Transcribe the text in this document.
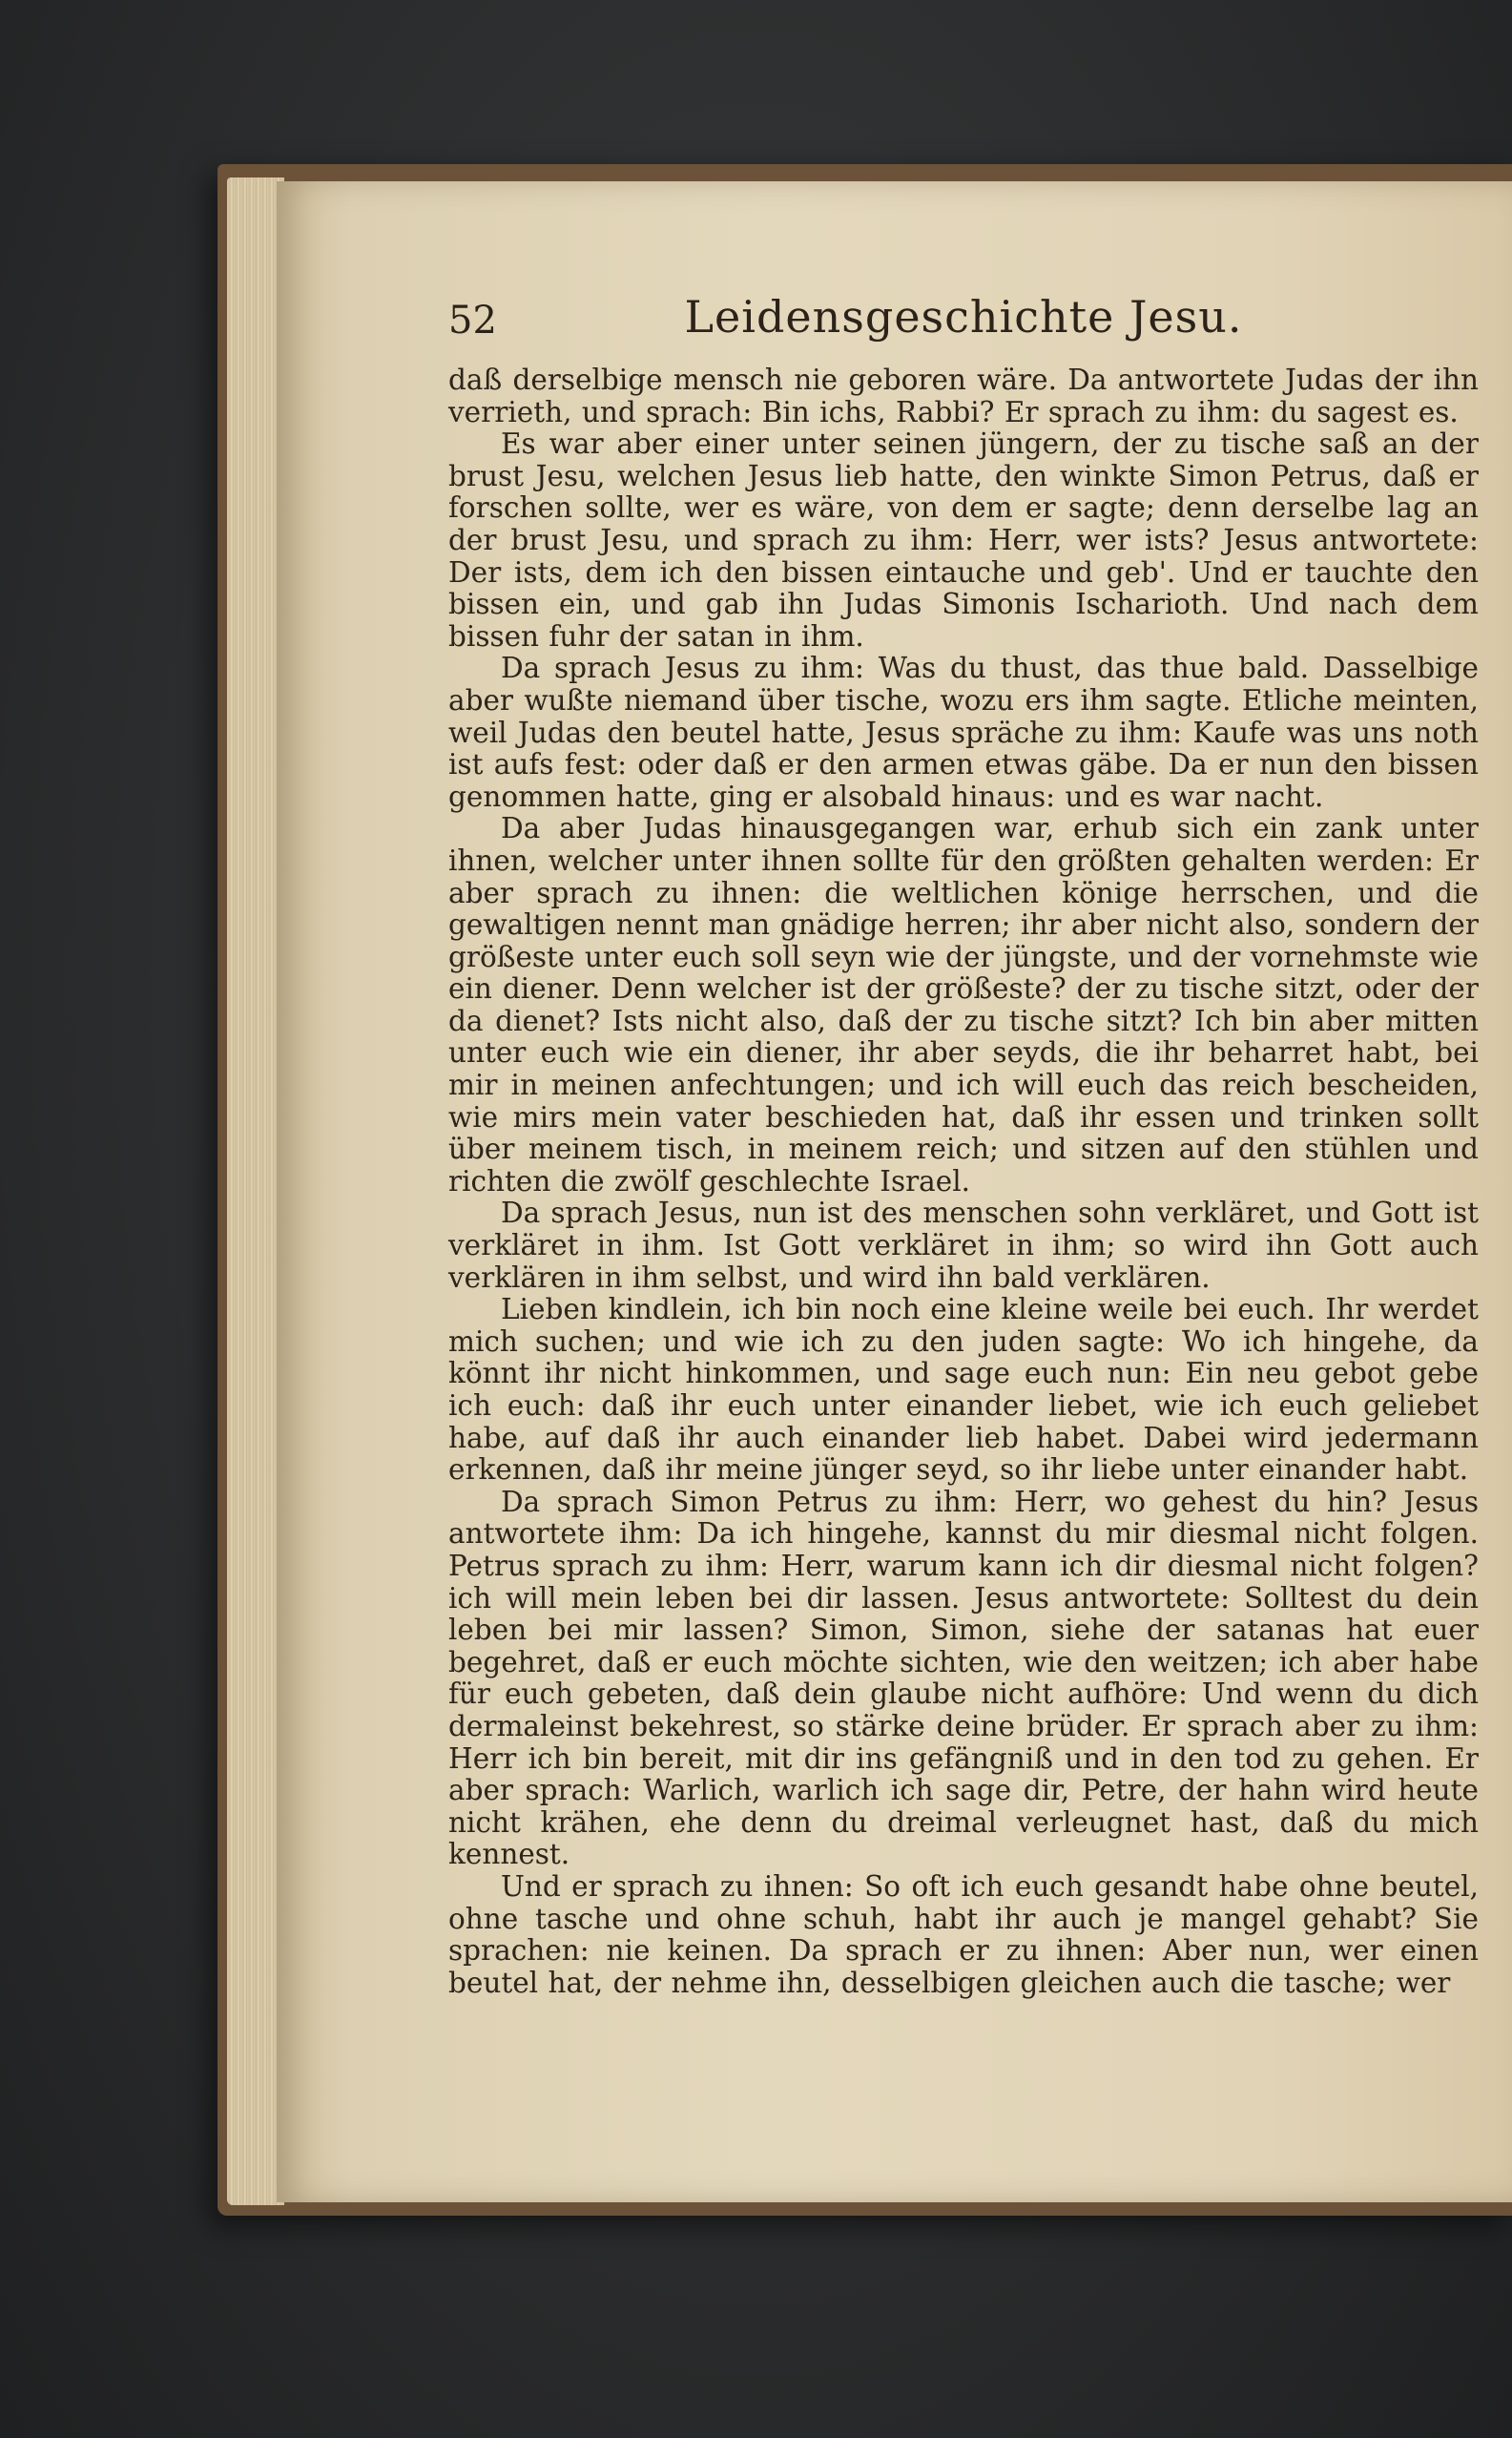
52	Leidensgeschichte Jesu.

daß derselbige mensch nie geboren wäre. Da antwortete Judas der ihn verrieth, und sprach: Bin ichs, Rabbi? Er sprach zu ihm: du sagest es.

Es war aber einer unter seinen jüngern, der zu tische saß an der brust Jesu, welchen Jesus lieb hatte, den winkte Simon Petrus, daß er forschen sollte, wer es wäre, von dem er sagte; denn derselbe lag an der brust Jesu, und sprach zu ihm: Herr, wer ists? Jesus antwortete: Der ists, dem ich den bissen eintauche und geb'. Und er tauchte den bissen ein, und gab ihn Judas Simonis Ischarioth. Und nach dem bissen fuhr der satan in ihm.

Da sprach Jesus zu ihm: Was du thust, das thue bald. Dasselbige aber wußte niemand über tische, wozu ers ihm sagte. Etliche meinten, weil Judas den beutel hatte, Jesus spräche zu ihm: Kaufe was uns noth ist aufs fest: oder daß er den armen etwas gäbe. Da er nun den bissen genommen hatte, ging er alsobald hinaus: und es war nacht.

Da aber Judas hinausgegangen war, erhub sich ein zank unter ihnen, welcher unter ihnen sollte für den größten gehalten werden: Er aber sprach zu ihnen: die weltlichen könige herrschen, und die gewaltigen nennt man gnädige herren; ihr aber nicht also, sondern der größeste unter euch soll seyn wie der jüngste, und der vornehmste wie ein diener. Denn welcher ist der größeste? der zu tische sitzt, oder der da dienet? Ists nicht also, daß der zu tische sitzt? Ich bin aber mitten unter euch wie ein diener, ihr aber seyds, die ihr beharret habt, bei mir in meinen anfechtungen; und ich will euch das reich bescheiden, wie mirs mein vater beschieden hat, daß ihr essen und trinken sollt über meinem tisch, in meinem reich; und sitzen auf den stühlen und richten die zwölf geschlechte Israel.

Da sprach Jesus, nun ist des menschen sohn verkläret, und Gott ist verkläret in ihm. Ist Gott verkläret in ihm; so wird ihn Gott auch verklären in ihm selbst, und wird ihn bald verklären.

Lieben kindlein, ich bin noch eine kleine weile bei euch. Ihr werdet mich suchen; und wie ich zu den juden sagte: Wo ich hingehe, da könnt ihr nicht hinkommen, und sage euch nun: Ein neu gebot gebe ich euch: daß ihr euch unter einander liebet, wie ich euch geliebet habe, auf daß ihr auch einander lieb habet. Dabei wird jedermann erkennen, daß ihr meine jünger seyd, so ihr liebe unter einander habt.

Da sprach Simon Petrus zu ihm: Herr, wo gehest du hin? Jesus antwortete ihm: Da ich hingehe, kannst du mir diesmal nicht folgen. Petrus sprach zu ihm: Herr, warum kann ich dir diesmal nicht folgen? ich will mein leben bei dir lassen. Jesus antwortete: Solltest du dein leben bei mir lassen? Simon, Simon, siehe der satanas hat euer begehret, daß er euch möchte sichten, wie den weitzen; ich aber habe für euch gebeten, daß dein glaube nicht aufhöre: Und wenn du dich dermaleinst bekehrest, so stärke deine brüder. Er sprach aber zu ihm: Herr ich bin bereit, mit dir ins gefängniß und in den tod zu gehen. Er aber sprach: Warlich, warlich ich sage dir, Petre, der hahn wird heute nicht krähen, ehe denn du dreimal verleugnet hast, daß du mich kennest.

Und er sprach zu ihnen: So oft ich euch gesandt habe ohne beutel, ohne tasche und ohne schuh, habt ihr auch je mangel gehabt? Sie sprachen: nie keinen. Da sprach er zu ihnen: Aber nun, wer einen beutel hat, der nehme ihn, desselbigen gleichen auch die tasche; wer
